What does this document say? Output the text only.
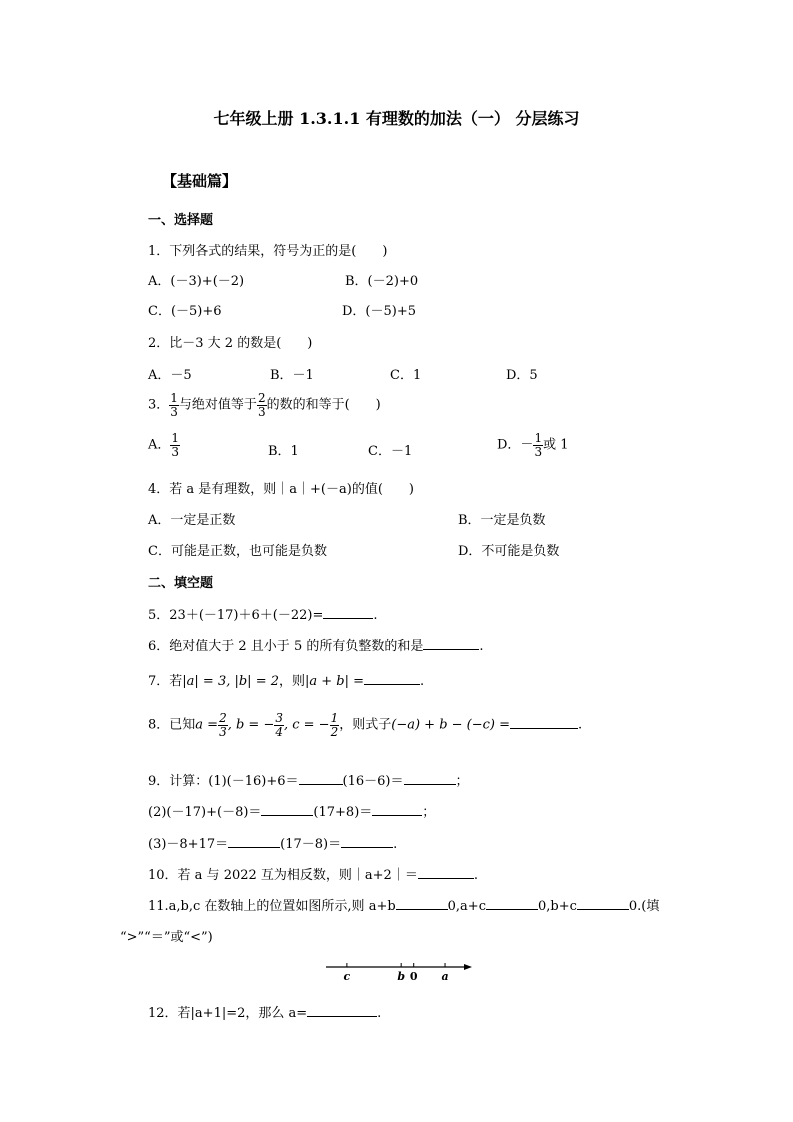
七年级上册 1.3.1.1 有理数的加法（一） 分层练习
【基础篇】
一、选择题
1．下列各式的结果，符号为正的是(　　)
A．(－3)+(－2)	B．(－2)+0
C．(－5)+6	D．(－5)+5
2．比－3 大 2 的数是(　　)
A．－5	B．－1	C．1	D．5
3． $\frac{1}{3}$ 与绝对值等于 $\frac{2}{3}$ 的数的和等于(　　)
A． $\frac{1}{3}$	B．1	C．－1	D．－ $\frac{1}{3}$ 或 1
4．若 a 是有理数，则｜a｜+(－a)的值(　　)
A．一定是正数	B．一定是负数
C．可能是正数，也可能是负数	D．不可能是负数
二、填空题
5．23＋(－17)＋6＋(－22)=	.
6．绝对值大于 2 且小于 5 的所有负整数的和是	.
7．若|a| = 3, |b| = 2，则|a + b| =	.
8．已知$a = \frac{2}{3}$ , b = − $\frac{3}{4}$ , c = − $\frac{1}{2}$ ，则式子(−a) + b − (−c) =	.
9．计算：(1)(－16)+6＝	(16－6)＝	；
(2)(－17)+(－8)＝	(17+8)＝	；
(3)－8+17＝	(17－8)＝	.
10．若 a 与 2022 互为相反数，则｜a+2｜＝	.
11.a,b,c 在数轴上的位置如图所示,则 a+b	0,a+c	0,b+c	0.(填
“>”“＝”或“<”)
c	b 0 a
12．若|a+1|=2，那么 a=	.
